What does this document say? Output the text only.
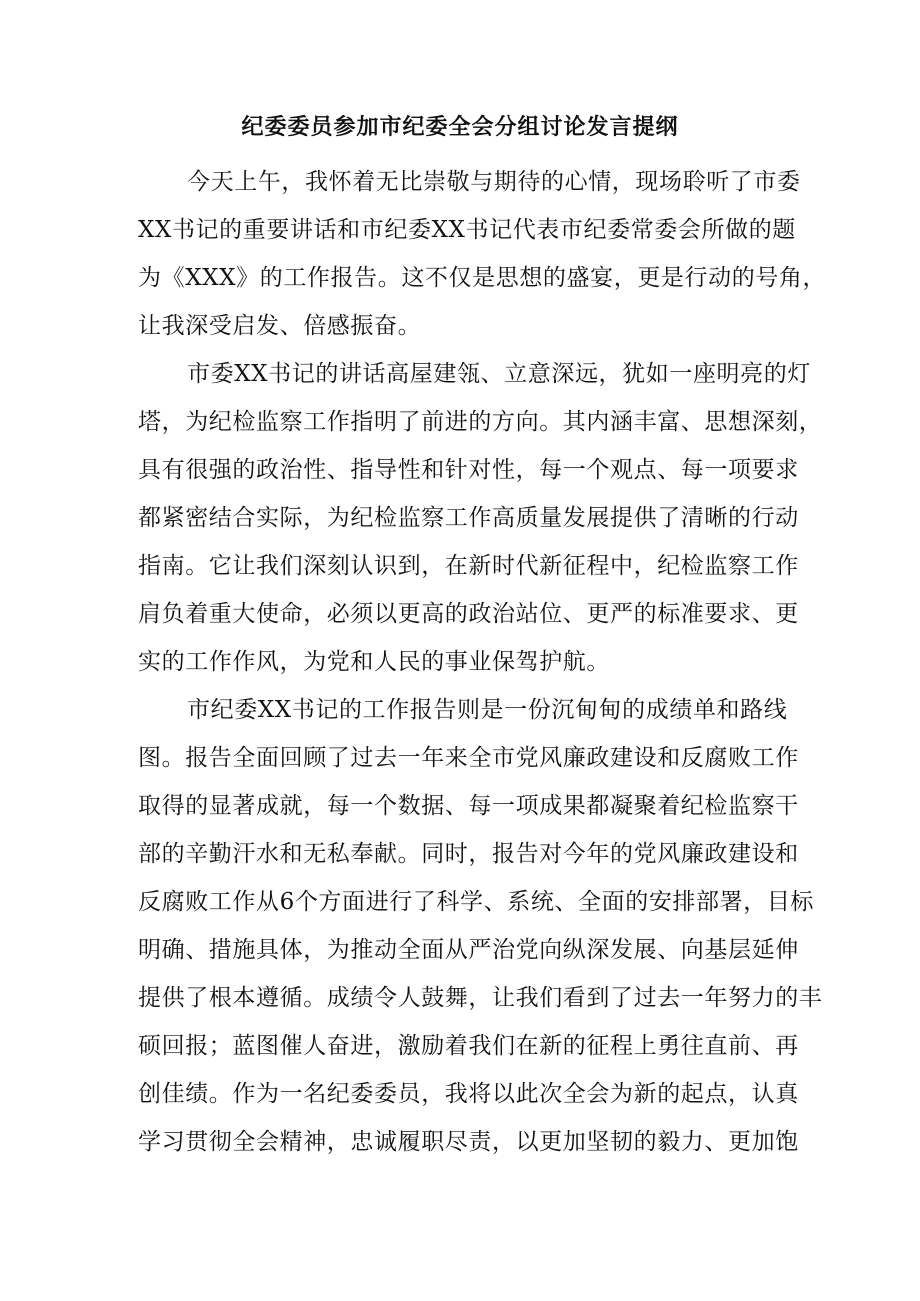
纪委委员参加市纪委全会分组讨论发言提纲
今天上午，我怀着无比崇敬与期待的心情，现场聆听了市委
XX书记的重要讲话和市纪委XX书记代表市纪委常委会所做的题
为《XXX》的工作报告。这不仅是思想的盛宴，更是行动的号角，
让我深受启发、倍感振奋。
市委XX书记的讲话高屋建瓴、立意深远，犹如一座明亮的灯
塔，为纪检监察工作指明了前进的方向。其内涵丰富、思想深刻，
具有很强的政治性、指导性和针对性，每一个观点、每一项要求
都紧密结合实际，为纪检监察工作高质量发展提供了清晰的行动
指南。它让我们深刻认识到，在新时代新征程中，纪检监察工作
肩负着重大使命，必须以更高的政治站位、更严的标准要求、更
实的工作作风，为党和人民的事业保驾护航。
市纪委XX书记的工作报告则是一份沉甸甸的成绩单和路线
图。报告全面回顾了过去一年来全市党风廉政建设和反腐败工作
取得的显著成就，每一个数据、每一项成果都凝聚着纪检监察干
部的辛勤汗水和无私奉献。同时，报告对今年的党风廉政建设和
反腐败工作从6个方面进行了科学、系统、全面的安排部署，目标
明确、措施具体，为推动全面从严治党向纵深发展、向基层延伸
提供了根本遵循。成绩令人鼓舞，让我们看到了过去一年努力的丰
硕回报；蓝图催人奋进，激励着我们在新的征程上勇往直前、再
创佳绩。作为一名纪委委员，我将以此次全会为新的起点，认真
学习贯彻全会精神，忠诚履职尽责，以更加坚韧的毅力、更加饱
